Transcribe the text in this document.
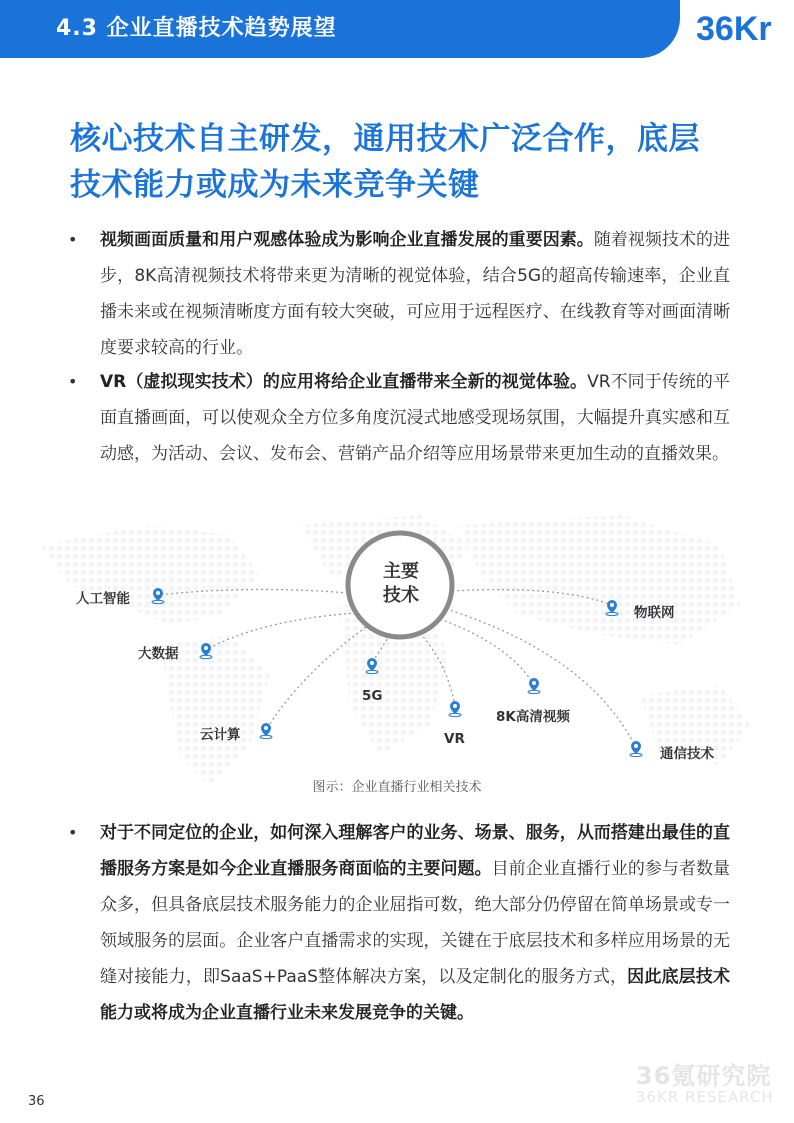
4.3 企业直播技术趋势展望	36Kr
核心技术自主研发，通用技术广泛合作，底层
技术能力或成为未来竞争关键
• 视频画面质量和用户观感体验成为影响企业直播发展的重要因素。随着视频技术的进步，8K高清视频技术将带来更为清晰的视觉体验，结合5G的超高传输速率，企业直播未来或在视频清晰度方面有较大突破，可应用于远程医疗、在线教育等对画面清晰度要求较高的行业。
• VR（虚拟现实技术）的应用将给企业直播带来全新的视觉体验。VR不同于传统的平面直播画面，可以使观众全方位多角度沉浸式地感受现场氛围，大幅提升真实感和互动感，为活动、会议、发布会、营销产品介绍等应用场景带来更加生动的直播效果。
主要
技术
人工智能
大数据
云计算
5G
VR
8K高清视频
物联网
通信技术
图示：企业直播行业相关技术
• 对于不同定位的企业，如何深入理解客户的业务、场景、服务，从而搭建出最佳的直播服务方案是如今企业直播服务商面临的主要问题。目前企业直播行业的参与者数量众多，但具备底层技术服务能力的企业屈指可数，绝大部分仍停留在简单场景或专一领域服务的层面。企业客户直播需求的实现，关键在于底层技术和多样应用场景的无缝对接能力，即SaaS+PaaS整体解决方案，以及定制化的服务方式，因此底层技术能力或将成为企业直播行业未来发展竞争的关键。
36氪研究院
36KR RESEARCH
36
